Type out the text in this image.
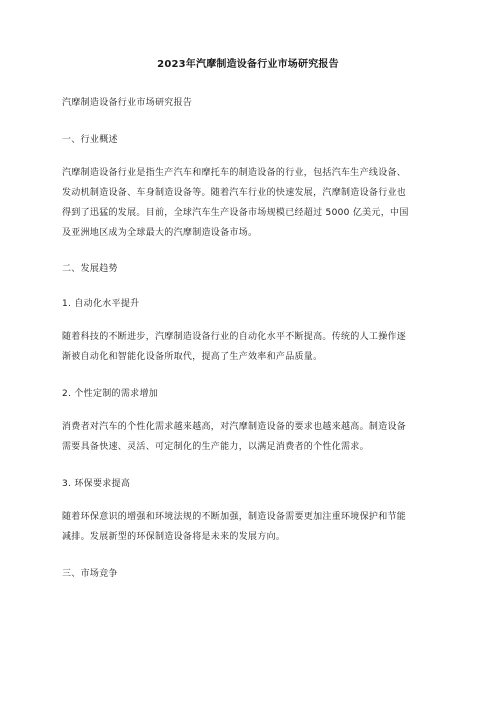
2023年汽摩制造设备行业市场研究报告
汽摩制造设备行业市场研究报告
一、行业概述
汽摩制造设备行业是指生产汽车和摩托车的制造设备的行业，包括汽车生产线设备、
发动机制造设备、车身制造设备等。随着汽车行业的快速发展，汽摩制造设备行业也
得到了迅猛的发展。目前，全球汽车生产设备市场规模已经超过 5000 亿美元，中国
及亚洲地区成为全球最大的汽摩制造设备市场。
二、发展趋势
1. 自动化水平提升
随着科技的不断进步，汽摩制造设备行业的自动化水平不断提高。传统的人工操作逐
渐被自动化和智能化设备所取代，提高了生产效率和产品质量。
2. 个性定制的需求增加
消费者对汽车的个性化需求越来越高，对汽摩制造设备的要求也越来越高。制造设备
需要具备快速、灵活、可定制化的生产能力，以满足消费者的个性化需求。
3. 环保要求提高
随着环保意识的增强和环境法规的不断加强，制造设备需要更加注重环境保护和节能
减排。发展新型的环保制造设备将是未来的发展方向。
三、市场竞争
